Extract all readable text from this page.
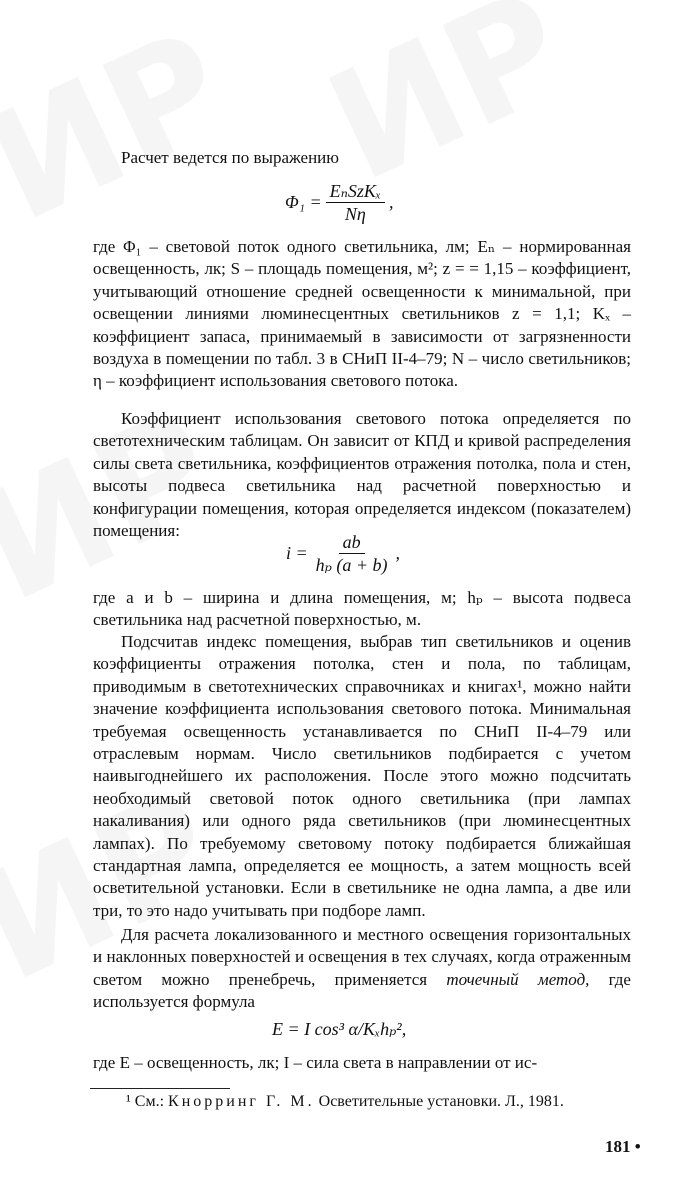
Расчет ведется по выражению

$\Phi_1 = \frac{\text{EₙSzKₓ}}{N\eta}$ ,

где Φ₁ – световой поток одного светильника, лм; Eₙ – нормированная освещенность, лк; S – площадь помещения, м²; z = = 1,15 – коэффициент, учитывающий отношение средней освещенности к минимальной, при освещении линиями люминесцентных светильников z = 1,1; Kₓ – коэффициент запаса, принимаемый в зависимости от загрязненности воздуха в помещении по табл. 3 в СНиП II-4–79; N – число светильников; η – коэффициент использования светового потока.

Коэффициент использования светового потока определяется по светотехническим таблицам. Он зависит от КПД и кривой распределения силы света светильника, коэффициентов отражения потолка, пола и стен, высоты подвеса светильника над расчетной поверхностью и конфигурации помещения, которая определяется индексом (показателем) помещения:

$i = \frac{ab}{\text{hₚ (a + b)}}$ ,

где a и b – ширина и длина помещения, м; hₚ – высота подвеса светильника над расчетной поверхностью, м.

Подсчитав индекс помещения, выбрав тип светильников и оценив коэффициенты отражения потолка, стен и пола, по таблицам, приводимым в светотехнических справочниках и книгах¹, можно найти значение коэффициента использования светового потока. Минимальная требуемая освещенность устанавливается по СНиП II-4–79 или отраслевым нормам. Число светильников подбирается с учетом наивыгоднейшего их расположения. После этого можно подсчитать необходимый световой поток одного светильника (при лампах накаливания) или одного ряда светильников (при люминесцентных лампах). По требуемому световому потоку подбирается ближайшая стандартная лампа, определяется ее мощность, а затем мощность всей осветительной установки. Если в светильнике не одна лампа, а две или три, то это надо учитывать при подборе ламп.

Для расчета локализованного и местного освещения горизонтальных и наклонных поверхностей и освещения в тех случаях, когда отраженным светом можно пренебречь, применяется точечный метод, где используется формула

E = I cos³ α/Kₓhₚ²,

где E – освещенность, лк; I – сила света в направлении от ис-

¹ См.: Кнорринг Г. М. Осветительные установки. Л., 1981.
181 •
